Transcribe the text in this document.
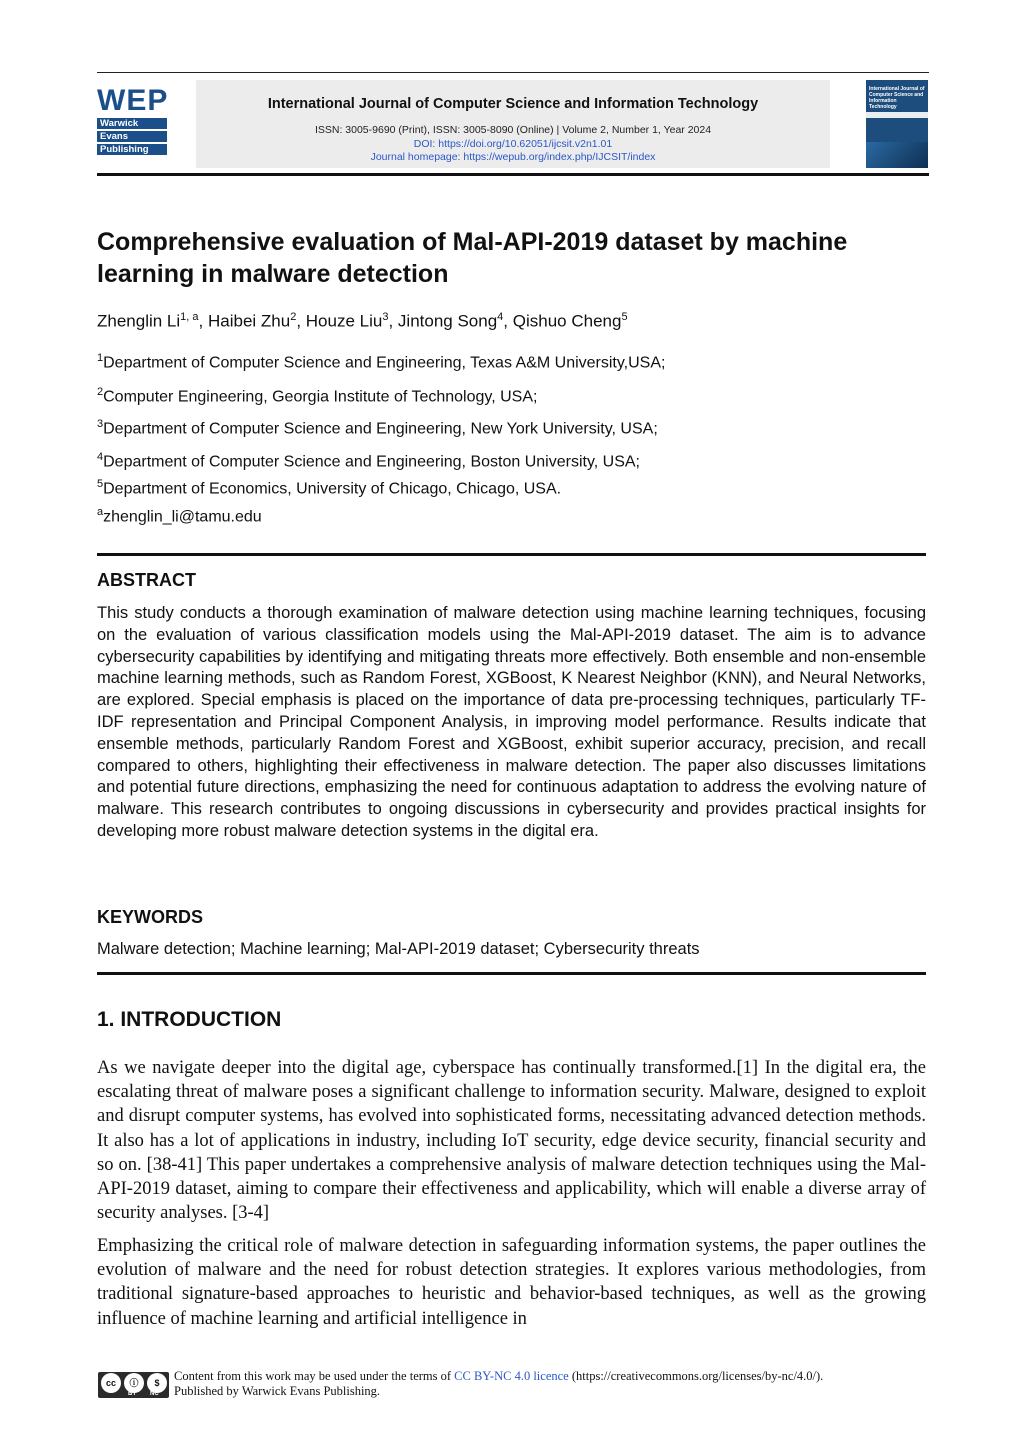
WEP
Warwick
Evans
Publishing
International Journal of Computer Science and Information Technology
ISSN: 3005-9690 (Print), ISSN: 3005-8090 (Online) | Volume 2, Number 1, Year 2024
DOI: https://doi.org/10.62051/ijcsit.v2n1.01
Journal homepage: https://wepub.org/index.php/IJCSIT/index
International Journal of Computer Science and Information Technology
Comprehensive evaluation of Mal-API-2019 dataset by machine learning in malware detection
Zhenglin Li$^{1, a}$, Haibei Zhu$^2$, Houze Liu$^3$, Jintong Song$^4$, Qishuo Cheng$^5$
$^1$Department of Computer Science and Engineering, Texas A&M University,USA;
$^2$Computer Engineering, Georgia Institute of Technology, USA;
$^3$Department of Computer Science and Engineering, New York University, USA;
$^4$Department of Computer Science and Engineering, Boston University, USA;
$^5$Department of Economics, University of Chicago, Chicago, USA.
$^a$zhenglin_li@tamu.edu
ABSTRACT
This study conducts a thorough examination of malware detection using machine learning techniques, focusing on the evaluation of various classification models using the Mal-API-2019 dataset. The aim is to advance cybersecurity capabilities by identifying and mitigating threats more effectively. Both ensemble and non-ensemble machine learning methods, such as Random Forest, XGBoost, K Nearest Neighbor (KNN), and Neural Networks, are explored. Special emphasis is placed on the importance of data pre-processing techniques, particularly TF-IDF representation and Principal Component Analysis, in improving model performance. Results indicate that ensemble methods, particularly Random Forest and XGBoost, exhibit superior accuracy, precision, and recall compared to others, highlighting their effectiveness in malware detection. The paper also discusses limitations and potential future directions, emphasizing the need for continuous adaptation to address the evolving nature of malware. This research contributes to ongoing discussions in cybersecurity and provides practical insights for developing more robust malware detection systems in the digital era.
KEYWORDS
Malware detection; Machine learning; Mal-API-2019 dataset; Cybersecurity threats
1. INTRODUCTION
As we navigate deeper into the digital age, cyberspace has continually transformed.[1] In the digital era, the escalating threat of malware poses a significant challenge to information security. Malware, designed to exploit and disrupt computer systems, has evolved into sophisticated forms, necessitating advanced detection methods. It also has a lot of applications in industry, including IoT security, edge device security, financial security and so on. [38-41] This paper undertakes a comprehensive analysis of malware detection techniques using the Mal-API-2019 dataset, aiming to compare their effectiveness and applicability, which will enable a diverse array of security analyses. [3-4]
Emphasizing the critical role of malware detection in safeguarding information systems, the paper outlines the evolution of malware and the need for robust detection strategies. It explores various methodologies, from traditional signature-based approaches to heuristic and behavior-based techniques, as well as the growing influence of machine learning and artificial intelligence in
cc	ⓘ	$
BY NC
Content from this work may be used under the terms of CC BY-NC 4.0 licence (https://creativecommons.org/licenses/by-nc/4.0/).
Published by Warwick Evans Publishing.
